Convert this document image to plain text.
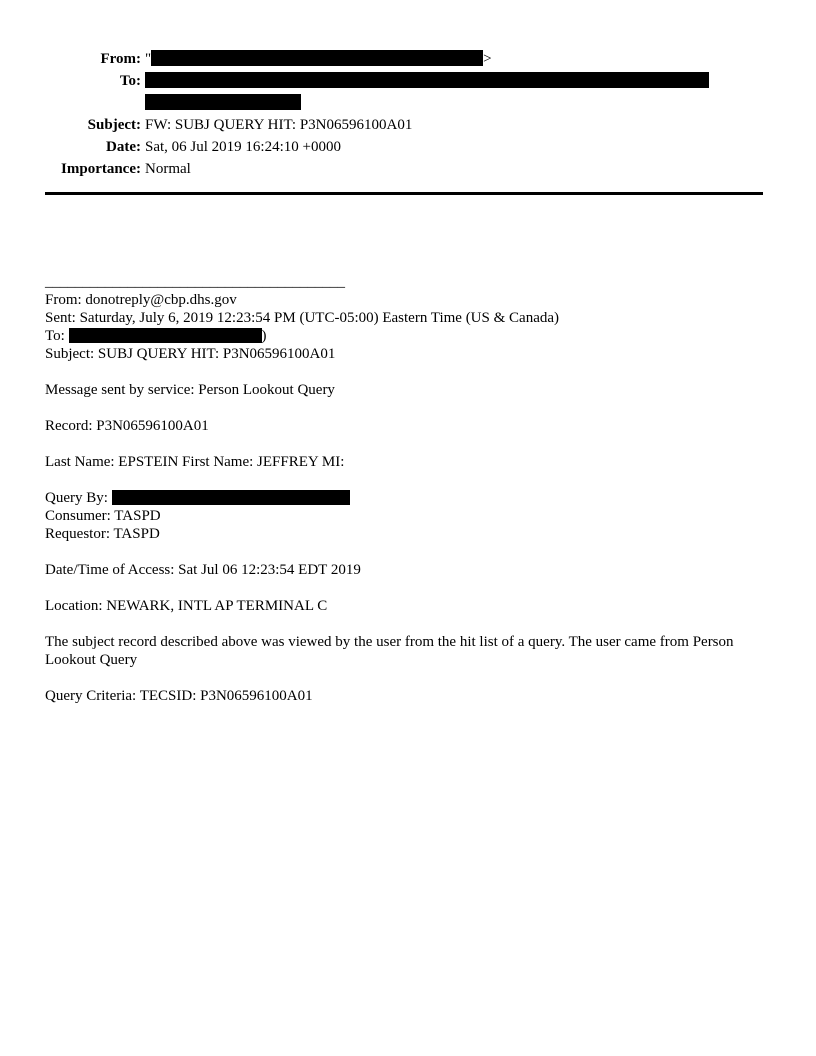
From: "	>
To:

Subject: FW: SUBJ QUERY HIT: P3N06596100A01
Date: Sat, 06 Jul 2019 16:24:10 +0000
Importance: Normal
________________________________________
From: donotreply@cbp.dhs.gov
Sent: Saturday, July 6, 2019 12:23:54 PM (UTC-05:00) Eastern Time (US & Canada)
To:	)
Subject: SUBJ QUERY HIT: P3N06596100A01
Message sent by service: Person Lookout Query
Record: P3N06596100A01
Last Name: EPSTEIN First Name: JEFFREY MI:
Query By:
Consumer: TASPD
Requestor: TASPD
Date/Time of Access: Sat Jul 06 12:23:54 EDT 2019
Location: NEWARK, INTL AP TERMINAL C
The subject record described above was viewed by the user from the hit list of a query. The user came from Person Lookout Query
Query Criteria: TECSID: P3N06596100A01
